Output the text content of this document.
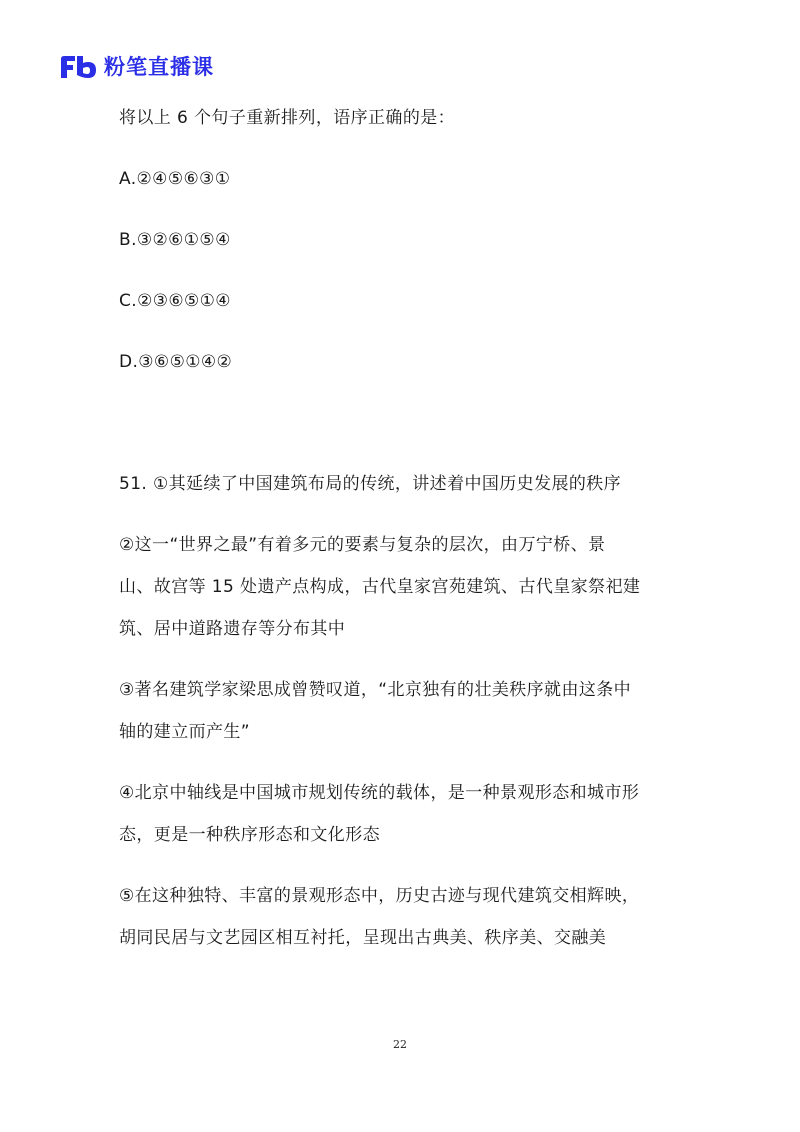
粉笔直播课
将以上 6 个句子重新排列，语序正确的是：
A.②④⑤⑥③①
B.③②⑥①⑤④
C.②③⑥⑤①④
D.③⑥⑤①④②
51. ①其延续了中国建筑布局的传统，讲述着中国历史发展的秩序
②这一“世界之最”有着多元的要素与复杂的层次，由万宁桥、景
山、故宫等 15 处遗产点构成，古代皇家宫苑建筑、古代皇家祭祀建
筑、居中道路遗存等分布其中
③著名建筑学家梁思成曾赞叹道，“北京独有的壮美秩序就由这条中
轴的建立而产生”
④北京中轴线是中国城市规划传统的载体，是一种景观形态和城市形
态，更是一种秩序形态和文化形态
⑤在这种独特、丰富的景观形态中，历史古迹与现代建筑交相辉映，
胡同民居与文艺园区相互衬托，呈现出古典美、秩序美、交融美
22
